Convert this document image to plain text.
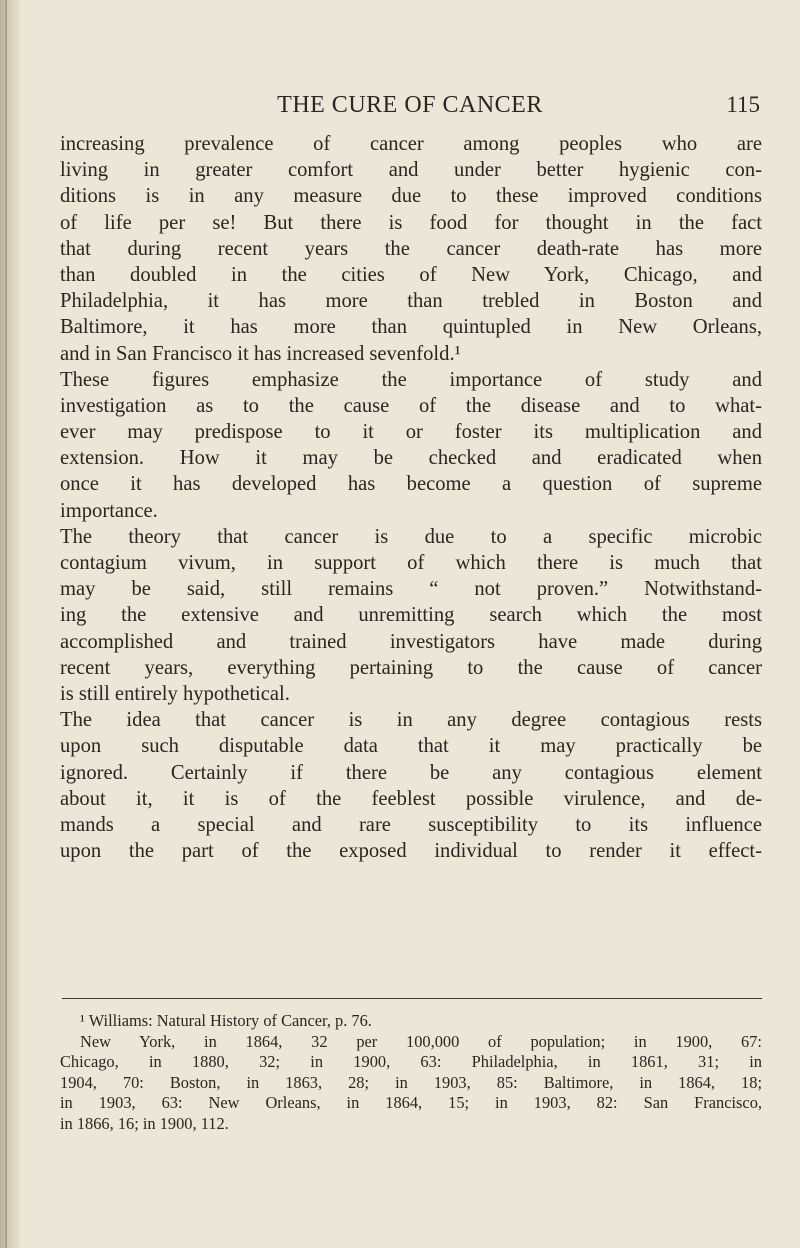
THE CURE OF CANCER	115
increasing prevalence of cancer among peoples who are
living in greater comfort and under better hygienic con-
ditions is in any measure due to these improved conditions
of life per se! But there is food for thought in the fact
that during recent years the cancer death-rate has more
than doubled in the cities of New York, Chicago, and
Philadelphia, it has more than trebled in Boston and
Baltimore, it has more than quintupled in New Orleans,
and in San Francisco it has increased sevenfold.¹
These figures emphasize the importance of study and
investigation as to the cause of the disease and to what-
ever may predispose to it or foster its multiplication and
extension. How it may be checked and eradicated when
once it has developed has become a question of supreme
importance.
The theory that cancer is due to a specific microbic
contagium vivum, in support of which there is much that
may be said, still remains “ not proven.” Notwithstand-
ing the extensive and unremitting search which the most
accomplished and trained investigators have made during
recent years, everything pertaining to the cause of cancer
is still entirely hypothetical.
The idea that cancer is in any degree contagious rests
upon such disputable data that it may practically be
ignored. Certainly if there be any contagious element
about it, it is of the feeblest possible virulence, and de-
mands a special and rare susceptibility to its influence
upon the part of the exposed individual to render it effect-
¹ Williams: Natural History of Cancer, p. 76.
New York, in 1864, 32 per 100,000 of population; in 1900, 67:
Chicago, in 1880, 32; in 1900, 63: Philadelphia, in 1861, 31; in
1904, 70: Boston, in 1863, 28; in 1903, 85: Baltimore, in 1864, 18;
in 1903, 63: New Orleans, in 1864, 15; in 1903, 82: San Francisco,
in 1866, 16; in 1900, 112.
